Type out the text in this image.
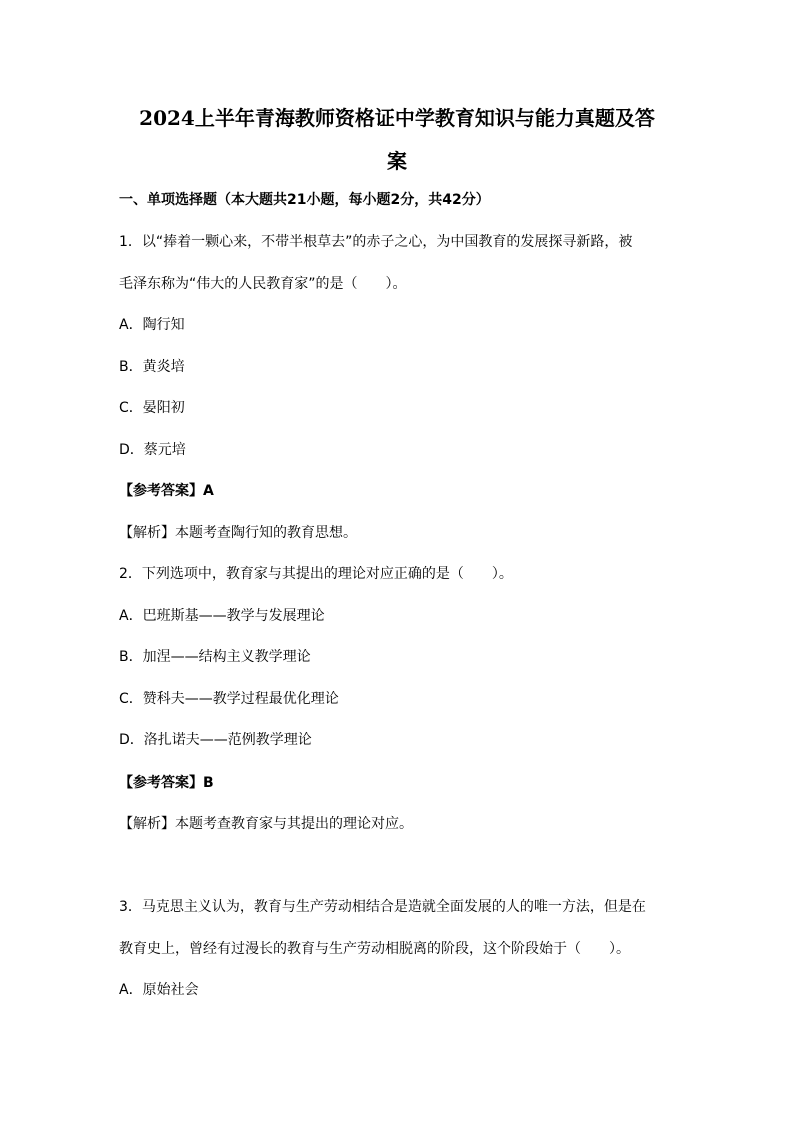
2024上半年青海教师资格证中学教育知识与能力真题及答
案
一、单项选择题（本大题共21小题，每小题2分，共42分）
1．以“捧着一颗心来，不带半根草去”的赤子之心，为中国教育的发展探寻新路，被
毛泽东称为“伟大的人民教育家”的是（　　）。
A．陶行知
B．黄炎培
C．晏阳初
D．蔡元培
【参考答案】A
【解析】本题考查陶行知的教育思想。
2．下列选项中，教育家与其提出的理论对应正确的是（　　）。
A．巴班斯基——教学与发展理论
B．加涅——结构主义教学理论
C．赞科夫——教学过程最优化理论
D．洛扎诺夫——范例教学理论
【参考答案】B
【解析】本题考查教育家与其提出的理论对应。
3．马克思主义认为，教育与生产劳动相结合是造就全面发展的人的唯一方法，但是在
教育史上，曾经有过漫长的教育与生产劳动相脱离的阶段，这个阶段始于（　　）。
A．原始社会
